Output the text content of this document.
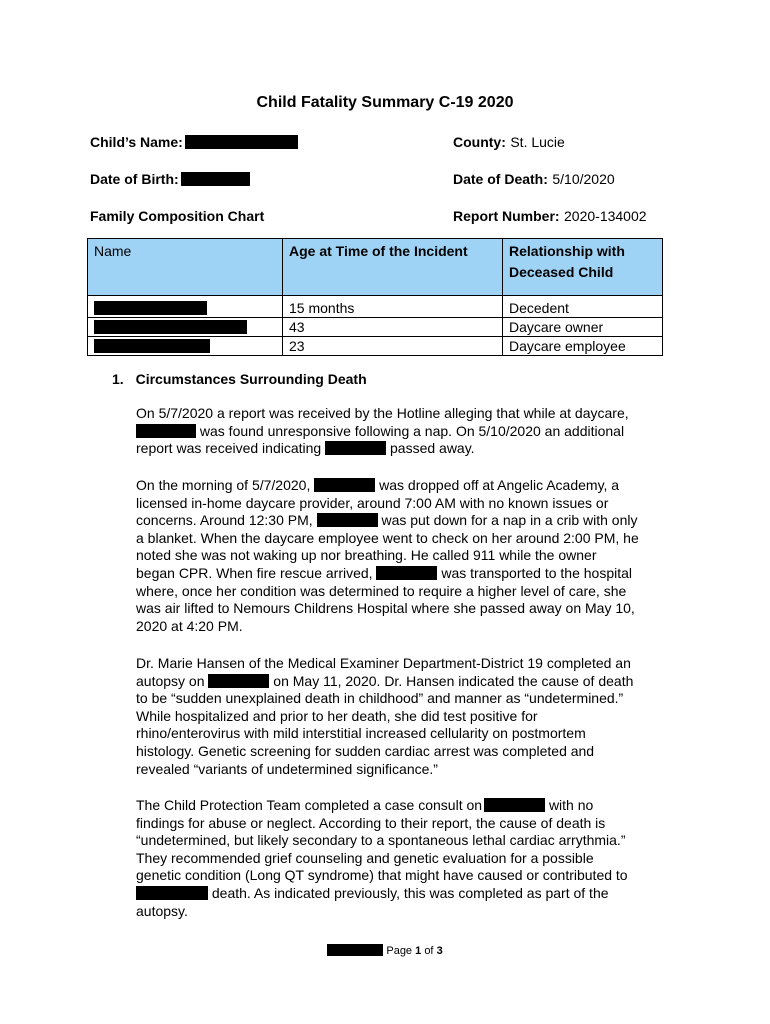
Child Fatality Summary C-19 2020
Child’s Name:	County: St. Lucie
Date of Birth:	Date of Death: 5/10/2020
Family Composition Chart	Report Number: 2020-134002
Name	Age at Time of the Incident	Relationship with Deceased Child
	15 months	Decedent
	43	Daycare owner
	23	Daycare employee
1. Circumstances Surrounding Death
On 5/7/2020 a report was received by the Hotline alleging that while at daycare,
was found unresponsive following a nap. On 5/10/2020 an additional
report was received indicating	passed away.
On the morning of 5/7/2020,	was dropped off at Angelic Academy, a
licensed in-home daycare provider, around 7:00 AM with no known issues or
concerns. Around 12:30 PM,	was put down for a nap in a crib with only
a blanket. When the daycare employee went to check on her around 2:00 PM, he
noted she was not waking up nor breathing. He called 911 while the owner
began CPR. When fire rescue arrived,	was transported to the hospital
where, once her condition was determined to require a higher level of care, she
was air lifted to Nemours Childrens Hospital where she passed away on May 10,
2020 at 4:20 PM.
Dr. Marie Hansen of the Medical Examiner Department-District 19 completed an
autopsy on	on May 11, 2020. Dr. Hansen indicated the cause of death
to be “sudden unexplained death in childhood” and manner as “undetermined.”
While hospitalized and prior to her death, she did test positive for
rhino/enterovirus with mild interstitial increased cellularity on postmortem
histology. Genetic screening for sudden cardiac arrest was completed and
revealed “variants of undetermined significance.”
The Child Protection Team completed a case consult on	with no
findings for abuse or neglect. According to their report, the cause of death is
“undetermined, but likely secondary to a spontaneous lethal cardiac arrythmia.”
They recommended grief counseling and genetic evaluation for a possible
genetic condition (Long QT syndrome) that might have caused or contributed to
death. As indicated previously, this was completed as part of the
autopsy.
Page 1 of 3
